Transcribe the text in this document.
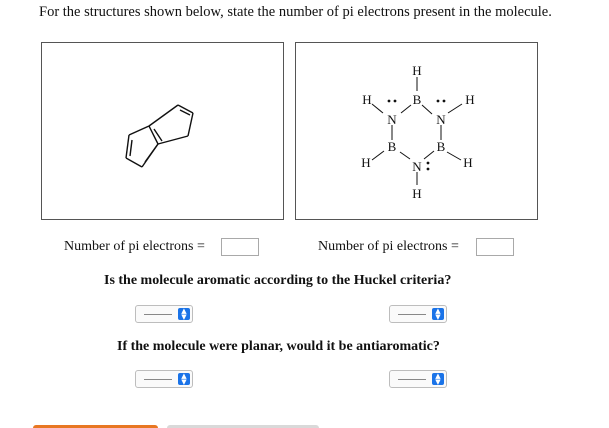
For the structures shown below, state the number of pi electrons present in the molecule.
H
B
H
N	N
H
B	B
H	N	H
H
Number of pi electrons =	Number of pi electrons =
Is the molecule aromatic according to the Huckel criteria?
▲
▼
▲
▼
If the molecule were planar, would it be antiaromatic?
▲
▼
▲
▼
